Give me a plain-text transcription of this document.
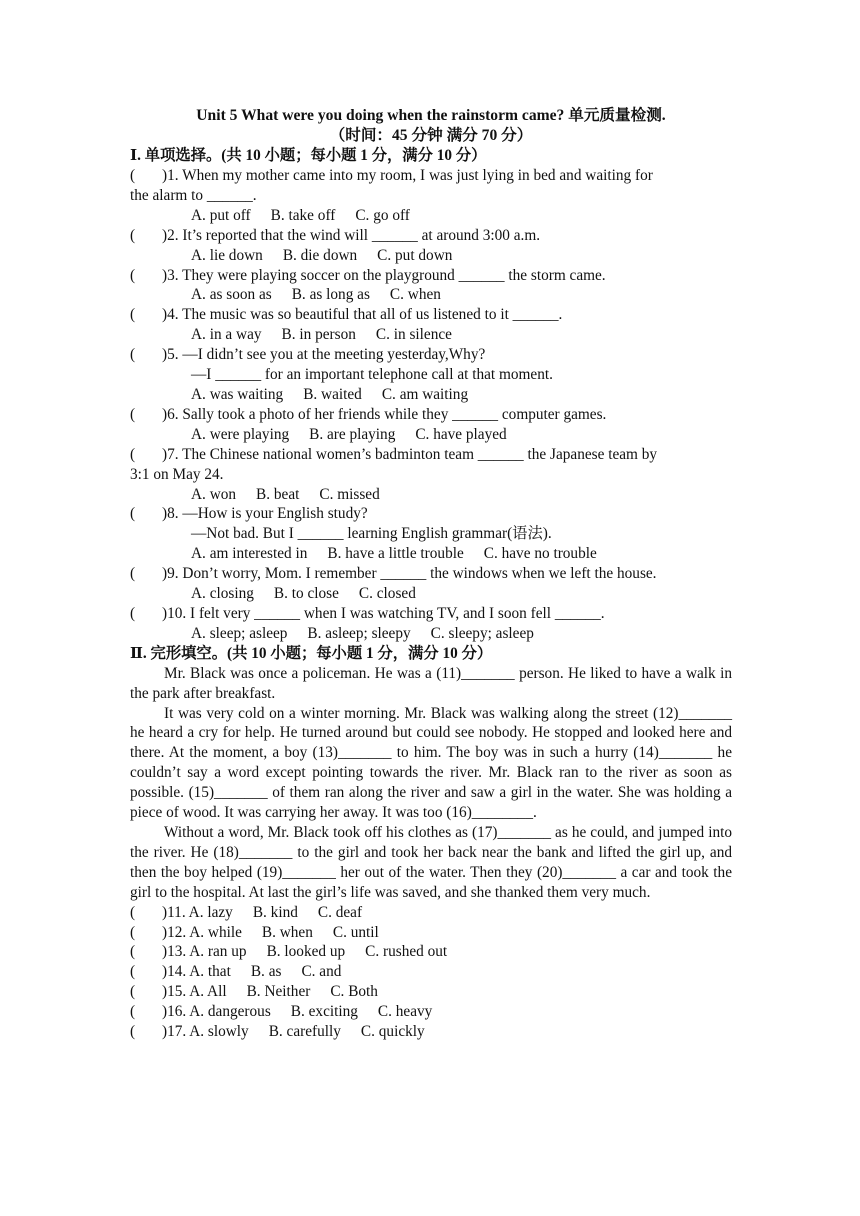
Unit 5 What were you doing when the rainstorm came? 单元质量检测.
（时间：45 分钟 满分 70 分）
Ⅰ. 单项选择。(共 10 小题；每小题 1 分，满分 10 分）
(      )1. When my mother came into my room, I was just lying in bed and waiting for
the alarm to ______.
A. put off B. take off C. go off
(      )2. It’s reported that the wind will ______ at around 3:00 a.m.
A. lie down B. die down C. put down
(      )3. They were playing soccer on the playground ______ the storm came.
A. as soon as B. as long as C. when
(      )4. The music was so beautiful that all of us listened to it ______.
A. in a way B. in person C. in silence
(      )5. —I didn’t see you at the meeting yesterday,Why?
—I ______ for an important telephone call at that moment.
A. was waiting B. waited C. am waiting
(      )6. Sally took a photo of her friends while they ______ computer games.
A. were playing B. are playing C. have played
(      )7. The Chinese national women’s badminton team ______ the Japanese team by
3:1 on May 24.
A. won B. beat C. missed
(      )8. —How is your English study?
—Not bad. But I ______ learning English grammar(语法).
A. am interested in B. have a little trouble C. have no trouble
(      )9. Don’t worry, Mom. I remember ______ the windows when we left the house.
A. closing B. to close C. closed
(      )10. I felt very ______ when I was watching TV, and I soon fell ______.
A. sleep; asleep B. asleep; sleepy C. sleepy; asleep
Ⅱ. 完形填空。(共 10 小题；每小题 1 分，满分 10 分）

Mr. Black was once a policeman. He was a (11)_______ person. He liked to have a walk in the park after breakfast.

It was very cold on a winter morning. Mr. Black was walking along the street (12)_______ he heard a cry for help. He turned around but could see nobody. He stopped and looked here and there. At the moment, a boy (13)_______ to him. The boy was in such a hurry (14)_______ he couldn’t say a word except pointing towards the river. Mr. Black ran to the river as soon as possible. (15)_______ of them ran along the river and saw a girl in the water. She was holding a piece of wood. It was carrying her away. It was too (16)________.

Without a word, Mr. Black took off his clothes as (17)_______ as he could, and jumped into the river. He (18)_______ to the girl and took her back near the bank and lifted the girl up, and then the boy helped (19)_______ her out of the water. Then they (20)_______ a car and took the girl to the hospital. At last the girl’s life was saved, and she thanked them very much.

(      )11. A. lazy B. kind C. deaf
(      )12. A. while B. when C. until
(      )13. A. ran up B. looked up C. rushed out
(      )14. A. that B. as C. and
(      )15. A. All B. Neither C. Both
(      )16. A. dangerous B. exciting C. heavy
(      )17. A. slowly B. carefully C. quickly
